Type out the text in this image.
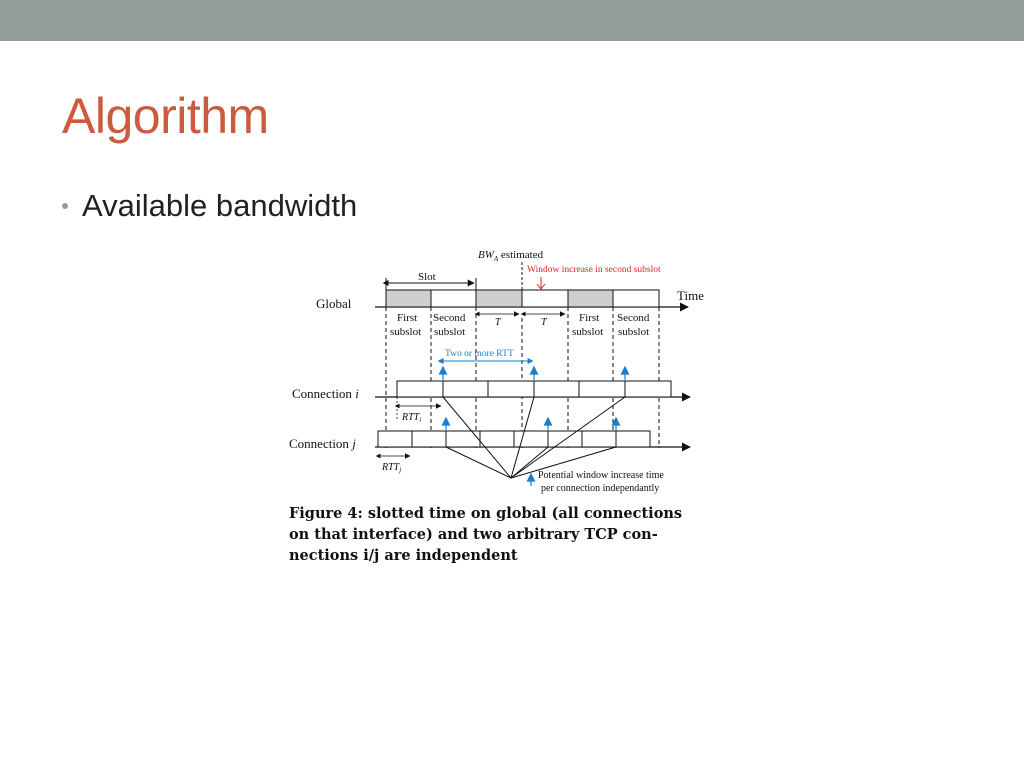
Algorithm
Available bandwidth
$BW_A$ estimated
Window increase in second subslot
Slot
Global
Time
First
subslot
Second
subslot
T	T	First
subslot
Second
subslot
Two or more RTT
Connection i
$RTT_i$
Connection j
$RTT_j$	Potential window increase time
per connection independantly
Figure 4: slotted time on global (all connections
on that interface) and two arbitrary TCP con-
nections i/j are independent
